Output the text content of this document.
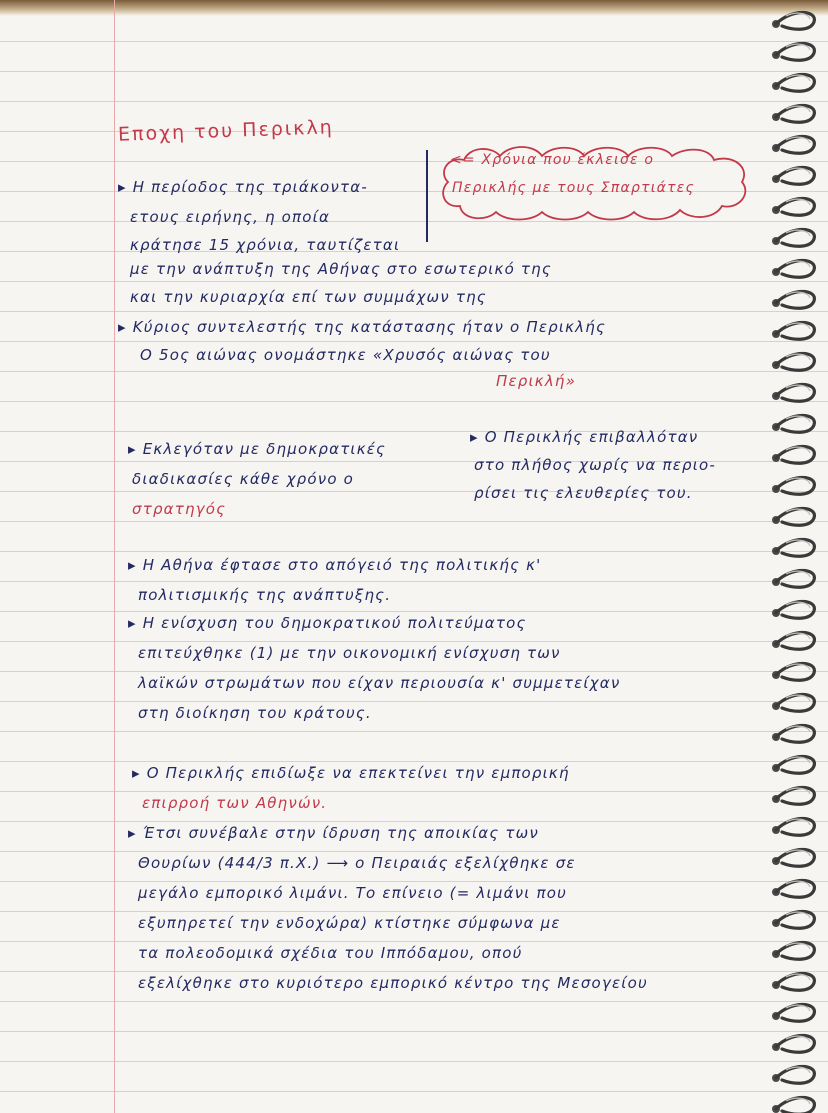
Εποχη του Περικλη

<= Χρόνια που έκλεισε ο

Περικλής με τους Σπαρτιάτες

▸ Η περίοδος της τριάκοντα-

ετους ειρήνης, η οποία

κράτησε 15 χρόνια, ταυτίζεται

με την ανάπτυξη της Αθήνας στο εσωτερικό της

και την κυριαρχία επί των συμμάχων της

▸ Κύριος συντελεστής της κατάστασης ήταν ο Περικλής

Ο 5ος αιώνας ονομάστηκε «Χρυσός αιώνας του

Περικλή»

▸ Εκλεγόταν με δημοκρατικές

διαδικασίες κάθε χρόνο ο

στρατηγός

▸ Ο Περικλής επιβαλλόταν

στο πλήθος χωρίς να περιο-

ρίσει τις ελευθερίες του.

▸ Η Αθήνα έφτασε στο απόγειό της πολιτικής κ'

πολιτισμικής της ανάπτυξης.

▸ Η ενίσχυση του δημοκρατικού πολιτεύματος

επιτεύχθηκε (1) με την οικονομική ενίσχυση των

λαϊκών στρωμάτων που είχαν περιουσία κ' συμμετείχαν

στη διοίκηση του κράτους.

▸ Ο Περικλής επιδίωξε να επεκτείνει την εμπορική

επιρροή των Αθηνών.

▸ Έτσι συνέβαλε στην ίδρυση της αποικίας των

Θουρίων (444/3 π.Χ.) ⟶ ο Πειραιάς εξελίχθηκε σε

μεγάλο εμπορικό λιμάνι. Το επίνειο (= λιμάνι που

εξυπηρετεί την ενδοχώρα) κτίστηκε σύμφωνα με

τα πολεοδομικά σχέδια του Ιππόδαμου, οπού

εξελίχθηκε στο κυριότερο εμπορικό κέντρο της Μεσογείου
